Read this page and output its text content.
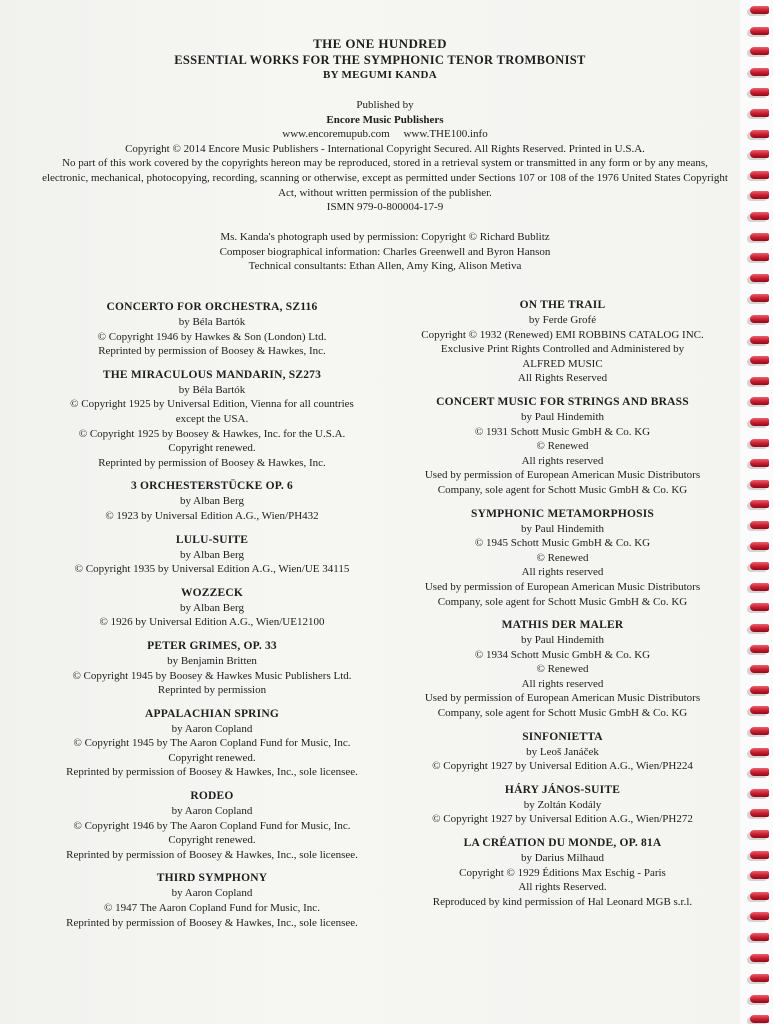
THE ONE HUNDRED

ESSENTIAL WORKS FOR THE SYMPHONIC TENOR TROMBONIST

BY MEGUMI KANDA

Published by
Encore Music Publishers
www.encoremupub.com     www.THE100.info
Copyright © 2014 Encore Music Publishers - International Copyright Secured. All Rights Reserved. Printed in U.S.A.
No part of this work covered by the copyrights hereon may be reproduced, stored in a retrieval system or transmitted in any form or by any means, electronic, mechanical, photocopying, recording, scanning or otherwise, except as permitted under Sections 107 or 108 of the 1976 United States Copyright Act, without written permission of the publisher.
ISMN 979-0-800004-17-9
Ms. Kanda's photograph used by permission: Copyright © Richard Bublitz
Composer biographical information: Charles Greenwell and Byron Hanson
Technical consultants: Ethan Allen, Amy King, Alison Metiva
CONCERTO FOR ORCHESTRA, SZ116
by Béla Bartók
© Copyright 1946 by Hawkes & Son (London) Ltd.
Reprinted by permission of Boosey & Hawkes, Inc.
THE MIRACULOUS MANDARIN, SZ273
by Béla Bartók
© Copyright 1925 by Universal Edition, Vienna for all countries
except the USA.
© Copyright 1925 by Boosey & Hawkes, Inc. for the U.S.A.
Copyright renewed.
Reprinted by permission of Boosey & Hawkes, Inc.
3 ORCHESTERSTÜCKE OP. 6
by Alban Berg
© 1923 by Universal Edition A.G., Wien/PH432
LULU-SUITE
by Alban Berg
© Copyright 1935 by Universal Edition A.G., Wien/UE 34115
WOZZECK
by Alban Berg
© 1926 by Universal Edition A.G., Wien/UE12100
PETER GRIMES, OP. 33
by Benjamin Britten
© Copyright 1945 by Boosey & Hawkes Music Publishers Ltd.
Reprinted by permission
APPALACHIAN SPRING
by Aaron Copland
© Copyright 1945 by The Aaron Copland Fund for Music, Inc.
Copyright renewed.
Reprinted by permission of Boosey & Hawkes, Inc., sole licensee.
RODEO
by Aaron Copland
© Copyright 1946 by The Aaron Copland Fund for Music, Inc.
Copyright renewed.
Reprinted by permission of Boosey & Hawkes, Inc., sole licensee.
THIRD SYMPHONY
by Aaron Copland
© 1947 The Aaron Copland Fund for Music, Inc.
Reprinted by permission of Boosey & Hawkes, Inc., sole licensee.
ON THE TRAIL
by Ferde Grofé
Copyright © 1932 (Renewed) EMI ROBBINS CATALOG INC.
Exclusive Print Rights Controlled and Administered by
ALFRED MUSIC
All Rights Reserved
CONCERT MUSIC FOR STRINGS AND BRASS
by Paul Hindemith
© 1931 Schott Music GmbH & Co. KG
© Renewed
All rights reserved
Used by permission of European American Music Distributors
Company, sole agent for Schott Music GmbH & Co. KG
SYMPHONIC METAMORPHOSIS
by Paul Hindemith
© 1945 Schott Music GmbH & Co. KG
© Renewed
All rights reserved
Used by permission of European American Music Distributors
Company, sole agent for Schott Music GmbH & Co. KG
MATHIS DER MALER
by Paul Hindemith
© 1934 Schott Music GmbH & Co. KG
© Renewed
All rights reserved
Used by permission of European American Music Distributors
Company, sole agent for Schott Music GmbH & Co. KG
SINFONIETTA
by Leoš Janáček
© Copyright 1927 by Universal Edition A.G., Wien/PH224
HÁRY JÁNOS-SUITE
by Zoltán Kodály
© Copyright 1927 by Universal Edition A.G., Wien/PH272
LA CRÉATION DU MONDE, OP. 81A
by Darius Milhaud
Copyright © 1929 Éditions Max Eschig - Paris
All rights Reserved.
Reproduced by kind permission of Hal Leonard MGB s.r.l.
